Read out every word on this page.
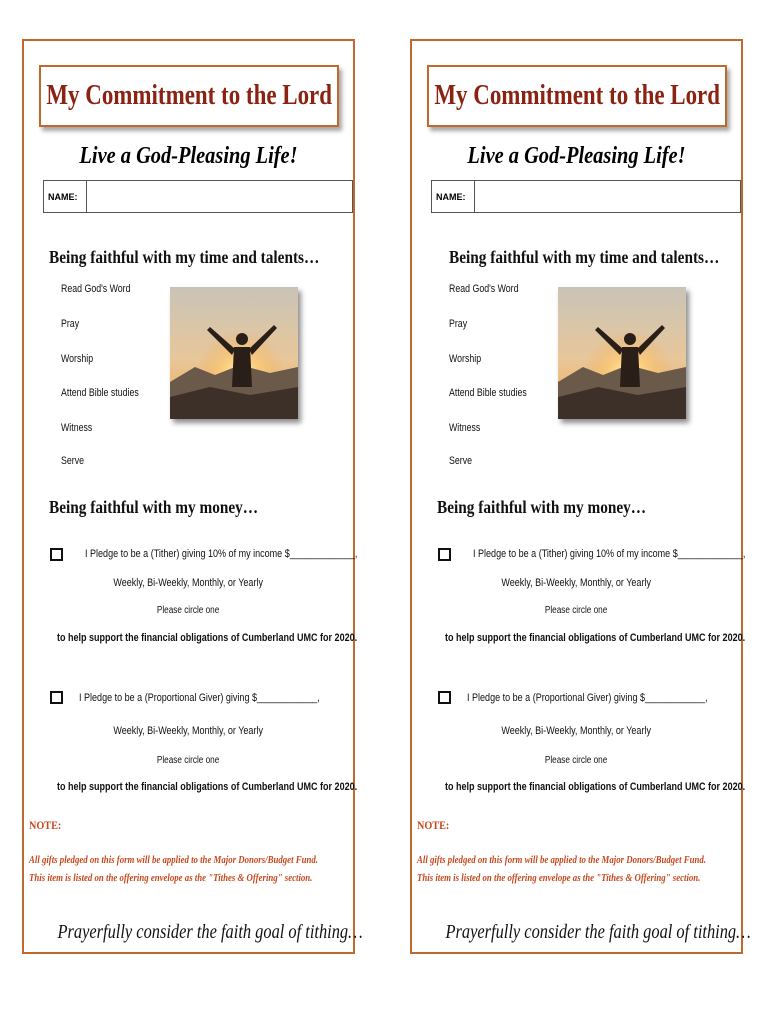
My Commitment to the Lord
Live a God-Pleasing Life!
NAME:
Being faithful with my time and talents…
Read God's Word
Pray
Worship
Attend Bible studies
Witness
Serve
Being faithful with my money…
I Pledge to be a (Tither) giving 10% of my income $_____________,
Weekly, Bi-Weekly, Monthly, or Yearly
Please circle one
to help support the financial obligations of Cumberland UMC for 2020.
I Pledge to be a (Proportional Giver) giving $____________,
Weekly, Bi-Weekly, Monthly, or Yearly
Please circle one
to help support the financial obligations of Cumberland UMC for 2020.
NOTE:
All gifts pledged on this form will be applied to the Major Donors/Budget Fund. This item is listed on the offering envelope as the "Tithes & Offering" section.
Prayerfully consider the faith goal of tithing…
My Commitment to the Lord
Live a God-Pleasing Life!
NAME:
Being faithful with my time and talents…
Read God's Word
Pray
Worship
Attend Bible studies
Witness
Serve
Being faithful with my money…
I Pledge to be a (Tither) giving 10% of my income $_____________,
Weekly, Bi-Weekly, Monthly, or Yearly
Please circle one
to help support the financial obligations of Cumberland UMC for 2020.
I Pledge to be a (Proportional Giver) giving $____________,
Weekly, Bi-Weekly, Monthly, or Yearly
Please circle one
to help support the financial obligations of Cumberland UMC for 2020.
NOTE:
All gifts pledged on this form will be applied to the Major Donors/Budget Fund. This item is listed on the offering envelope as the "Tithes & Offering" section.
Prayerfully consider the faith goal of tithing…
